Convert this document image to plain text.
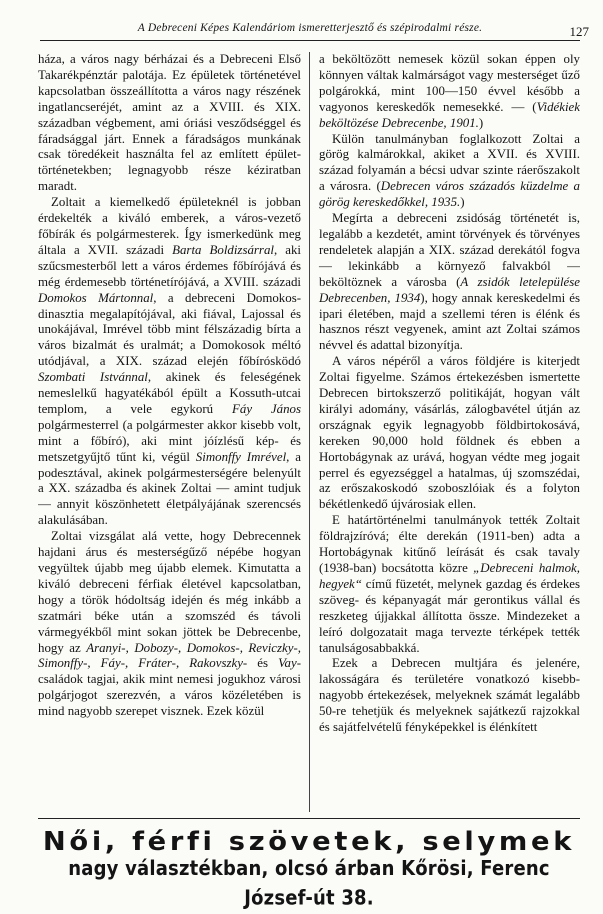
A Debreceni Képes Kalendáriom ismeretterjesztő és szépirodalmi része.	127

háza, a város nagy bérházai és a Debreceni Első Takarékpénztár palotája. Ez épületek történetével kapcsolatban összeállította a város nagy részének ingatlancseréjét, amint az a XVIII. és XIX. században végbement, ami óriási vesződséggel és fáradsággal járt. Ennek a fáradságos munkának csak töredékeit használta fel az említett épület-történetekben; legnagyobb része kéziratban maradt.

Zoltait a kiemelkedő épületeknél is jobban érdekelték a kiváló emberek, a város-vezető főbírák és polgármesterek. Így ismerkedünk meg általa a XVII. századi Barta Boldizsárral, aki szűcsmesterből lett a város érdemes főbírójává és még érdemesebb történetírójává, a XVIII. századi Domokos Mártonnal, a debreceni Domokos-dinasztia megalapítójával, aki fiával, Lajossal és unokájával, Imrével több mint félszázadig bírta a város bizalmát és uralmát; a Domokosok méltó utódjával, a XIX. század elején főbírósködó Szombati Istvánnal, akinek és feleségének nemeslelkű hagyatékából épült a Kossuth-utcai templom, a vele egykorú Fáy János polgármesterrel (a polgármester akkor kisebb volt, mint a főbíró), aki mint jóízlésű kép- és metszetgyűjtő tűnt ki, végül Simonffy Imrével, a podesztával, akinek polgármesterségére belenyúlt a XX. századba és akinek Zoltai — amint tudjuk — annyit köszönhetett életpályájának szerencsés alakulásában.

Zoltai vizsgálat alá vette, hogy Debrecennek hajdani árus és mesterségűző népébe hogyan vegyültek újabb meg újabb elemek. Kimutatta a kiváló debreceni férfiak életével kapcsolatban, hogy a török hódoltság idején és még inkább a szatmári béke után a szomszéd és távoli vármegyékből mint sokan jöttek be Debrecenbe, hogy az Aranyi-, Dobozy-, Domokos-, Reviczky-, Simonffy-, Fáy-, Fráter-, Rakovszky- és Vay-családok tagjai, akik mint nemesi jogukhoz városi polgárjogot szerezvén, a város közéletében is mind nagyobb szerepet visznek. Ezek közül

a beköltözött nemesek közül sokan éppen oly könnyen váltak kalmárságot vagy mesterséget űző polgárokká, mint 100—150 évvel később a vagyonos kereskedők nemesekké. — (Vidékiek beköltözése Debrecenbe, 1901.)

Külön tanulmányban foglalkozott Zoltai a görög kalmárokkal, akiket a XVII. és XVIII. század folyamán a bécsi udvar szinte ráerőszakolt a városra. (Debrecen város századós küzdelme a görög kereskedőkkel, 1935.)

Megírta a debreceni zsidóság történetét is, legalább a kezdetét, amint törvények és törvényes rendeletek alapján a XIX. század derekától fogva — lekinkább a környező falvakból — beköltöznek a városba (A zsidók letelepülése Debrecenben, 1934), hogy annak kereskedelmi és ipari életében, majd a szellemi téren is élénk és hasznos részt vegyenek, amint azt Zoltai számos névvel és adattal bizonyítja.

A város népéről a város földjére is kiterjedt Zoltai figyelme. Számos értekezésben ismertette Debrecen birtokszerző politikáját, hogyan vált királyi adomány, vásárlás, zálogbavétel útján az országnak egyik legnagyobb földbirtokosává, kereken 90,000 hold földnek és ebben a Hortobágynak az urává, hogyan védte meg jogait perrel és egyezséggel a hatalmas, új szomszédai, az erőszakoskodó szoboszlóiak és a folyton békétlenkedő újvárosiak ellen.

E határtörténelmi tanulmányok tették Zoltait földrajzíróvá; élte derekán (1911-ben) adta a Hortobágynak kitűnő leírását és csak tavaly (1938-ban) bocsátotta közre „Debreceni halmok, hegyek“ című füzetét, melynek gazdag és érdekes szöveg- és képanyagát már gerontikus vállal és reszketeg újjakkal állította össze. Mindezeket a leíró dolgozatait maga tervezte térképek tették tanulságosabbakká.

Ezek a Debrecen multjára és jelenére, lakosságára és területére vonatkozó kisebb-nagyobb értekezések, melyeknek számát legalább 50-re tehetjük és melyeknek sajátkezű rajzokkal és sajátfelvételű fényképekkel is élénkített

Női, férfi szövetek, selymek
nagy választékban, olcsó árban Kőrösi, Ferenc József-út 38.
